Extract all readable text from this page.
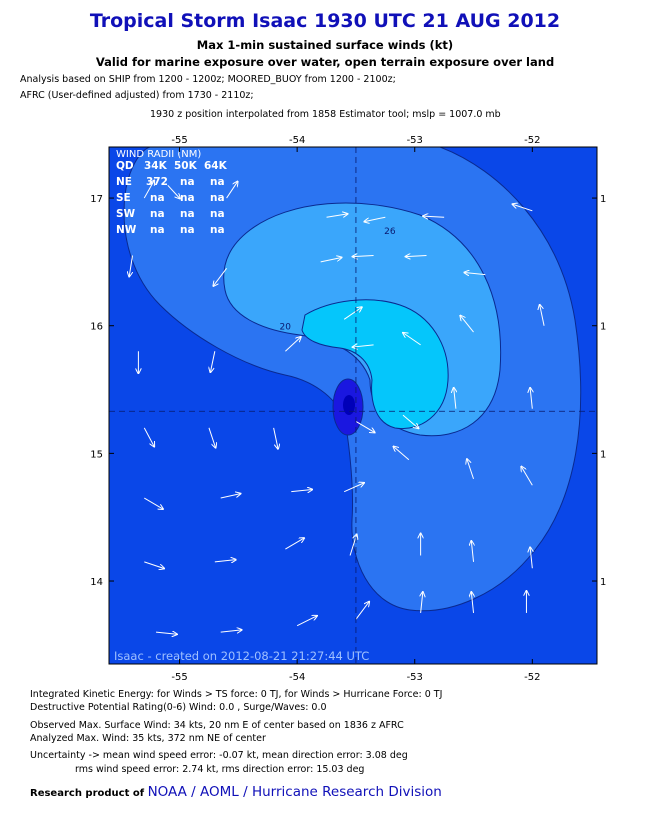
Tropical Storm Isaac 1930 UTC 21 AUG 2012
Max 1-min sustained surface winds (kt)
Valid for marine exposure over water, open terrain exposure over land
Analysis based on SHIP from 1200 - 1200z; MOORED_BUOY from 1200 - 2100z;
AFRC (User-defined adjusted) from 1730 - 2110z;
1930 z position interpolated from 1858 Estimator tool; mslp = 1007.0 mb
26
20
WIND RADII (NM)
QD 34K 50K 64K
NE 372 na na
SE na na na
SW na na na
NW na na na
Isaac - created on 2012-08-21 21:27:44 UTC
-55
-55
-54
-54
-53
-53
-52
-52
14	1
15	1
16	1
17	1
Integrated Kinetic Energy: for Winds > TS force: 0 TJ, for Winds > Hurricane Force: 0 TJ
Destructive Potential Rating(0-6) Wind: 0.0 , Surge/Waves: 0.0
Observed Max. Surface Wind: 34 kts, 20 nm E of center based on 1836 z AFRC
Analyzed Max. Wind: 35 kts, 372 nm NE of center
Uncertainty -> mean wind speed error: -0.07 kt, mean direction error: 3.08 deg
rms wind speed error: 2.74 kt, rms direction error: 15.03 deg
Research product of NOAA / AOML / Hurricane Research Division
